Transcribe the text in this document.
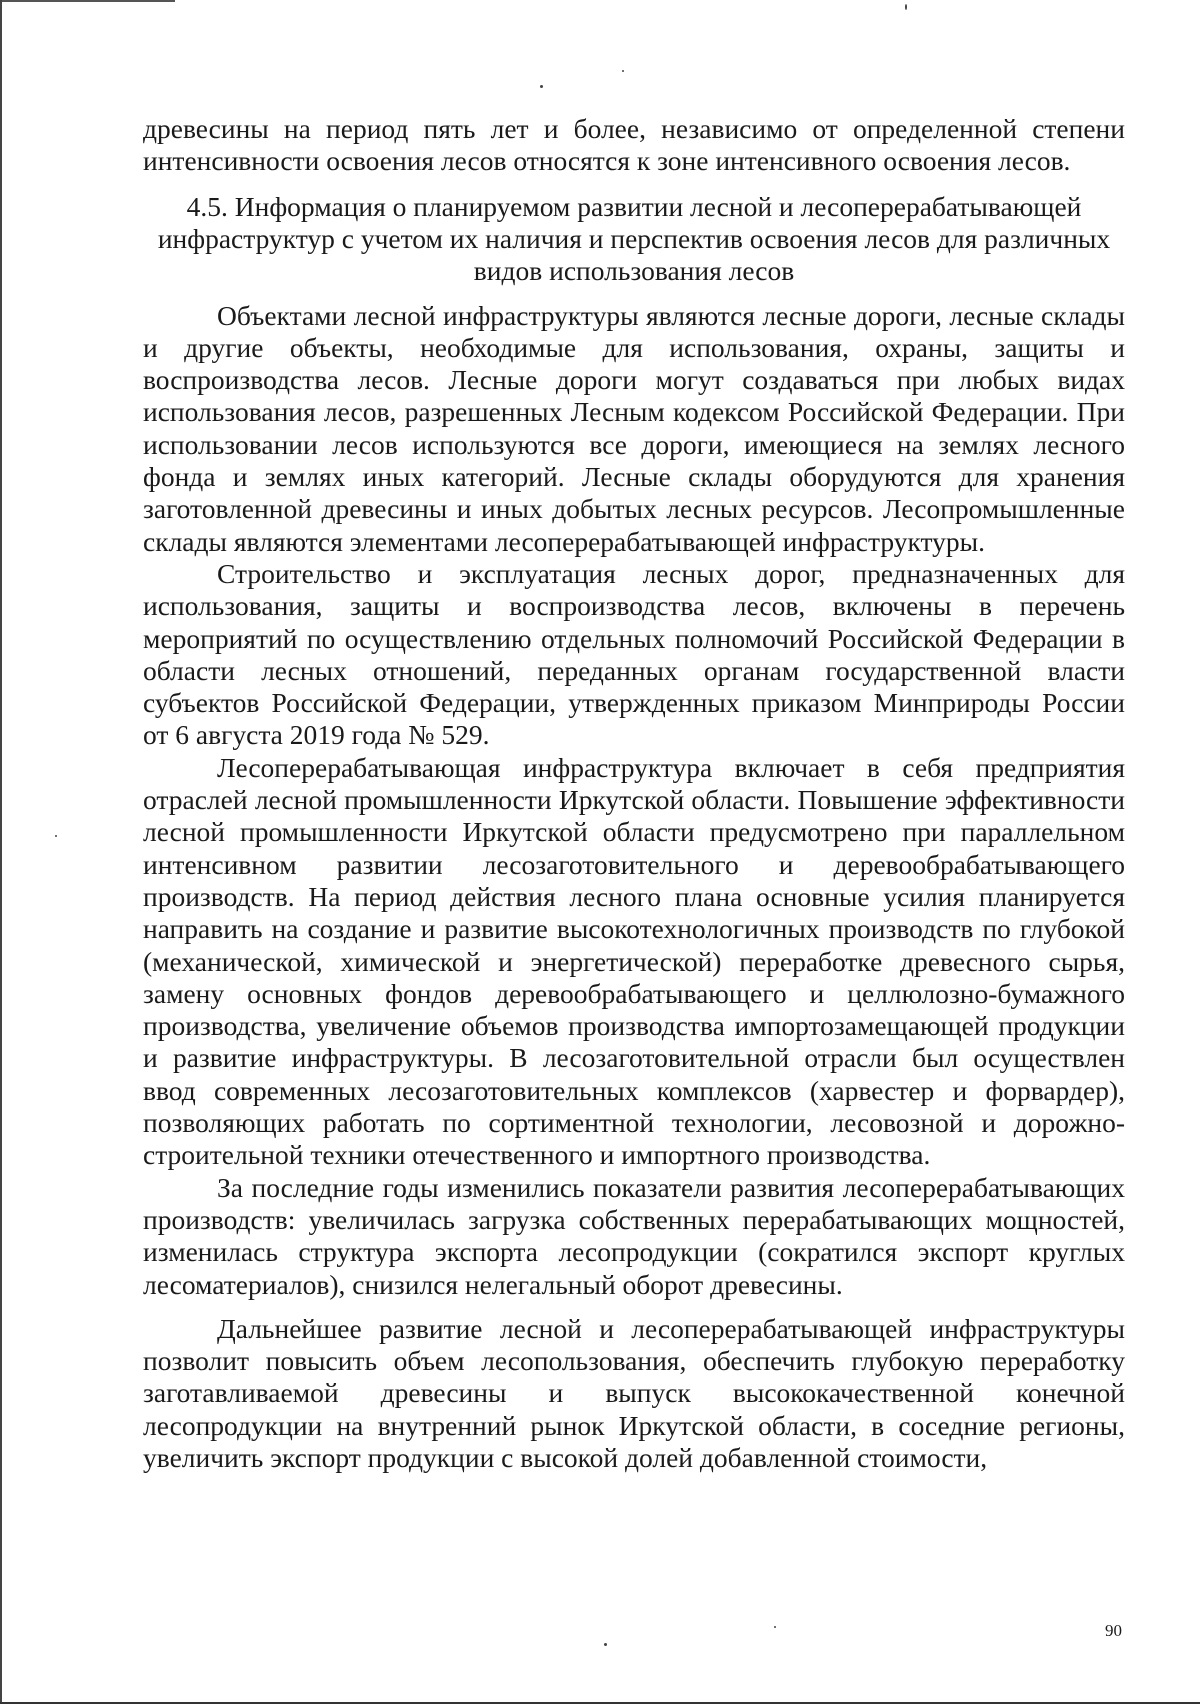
древесины на период пять лет и более, независимо от определенной степени интенсивности освоения лесов относятся к зоне интенсивного освоения лесов.

4.5. Информация о планируемом развитии лесной и лесоперерабатывающей инфраструктур с учетом их наличия и перспектив освоения лесов для различных видов использования лесов

Объектами лесной инфраструктуры являются лесные дороги, лесные склады и другие объекты, необходимые для использования, охраны, защиты и воспроизводства лесов. Лесные дороги могут создаваться при любых видах использования лесов, разрешенных Лесным кодексом Российской Федерации. При использовании лесов используются все дороги, имеющиеся на землях лесного фонда и землях иных категорий. Лесные склады оборудуются для хранения заготовленной древесины и иных добытых лесных ресурсов. Лесопромышленные склады являются элементами лесоперерабатывающей инфраструктуры.

Строительство и эксплуатация лесных дорог, предназначенных для использования, защиты и воспроизводства лесов, включены в перечень мероприятий по осуществлению отдельных полномочий Российской Федерации в области лесных отношений, переданных органам государственной власти субъектов Российской Федерации, утвержденных приказом Минприроды России от 6 августа 2019 года № 529.

Лесоперерабатывающая инфраструктура включает в себя предприятия отраслей лесной промышленности Иркутской области. Повышение эффективности лесной промышленности Иркутской области предусмотрено при параллельном интенсивном развитии лесозаготовительного и деревообрабатывающего производств. На период действия лесного плана основные усилия планируется направить на создание и развитие высокотехнологичных производств по глубокой (механической, химической и энергетической) переработке древесного сырья, замену основных фондов деревообрабатывающего и целлюлозно-бумажного производства, увеличение объемов производства импортозамещающей продукции и развитие инфраструктуры. В лесозаготовительной отрасли был осуществлен ввод современных лесозаготовительных комплексов (харвестер и форвардер), позволяющих работать по сортиментной технологии, лесовозной и дорожно-строительной техники отечественного и импортного производства.

За последние годы изменились показатели развития лесоперерабатывающих производств: увеличилась загрузка собственных перерабатывающих мощностей, изменилась структура экспорта лесопродукции (сократился экспорт круглых лесоматериалов), снизился нелегальный оборот древесины.

Дальнейшее развитие лесной и лесоперерабатывающей инфраструктуры позволит повысить объем лесопользования, обеспечить глубокую переработку заготавливаемой древесины и выпуск высококачественной конечной лесопродукции на внутренний рынок Иркутской области, в соседние регионы, увеличить экспорт продукции с высокой долей добавленной стоимости,

90
